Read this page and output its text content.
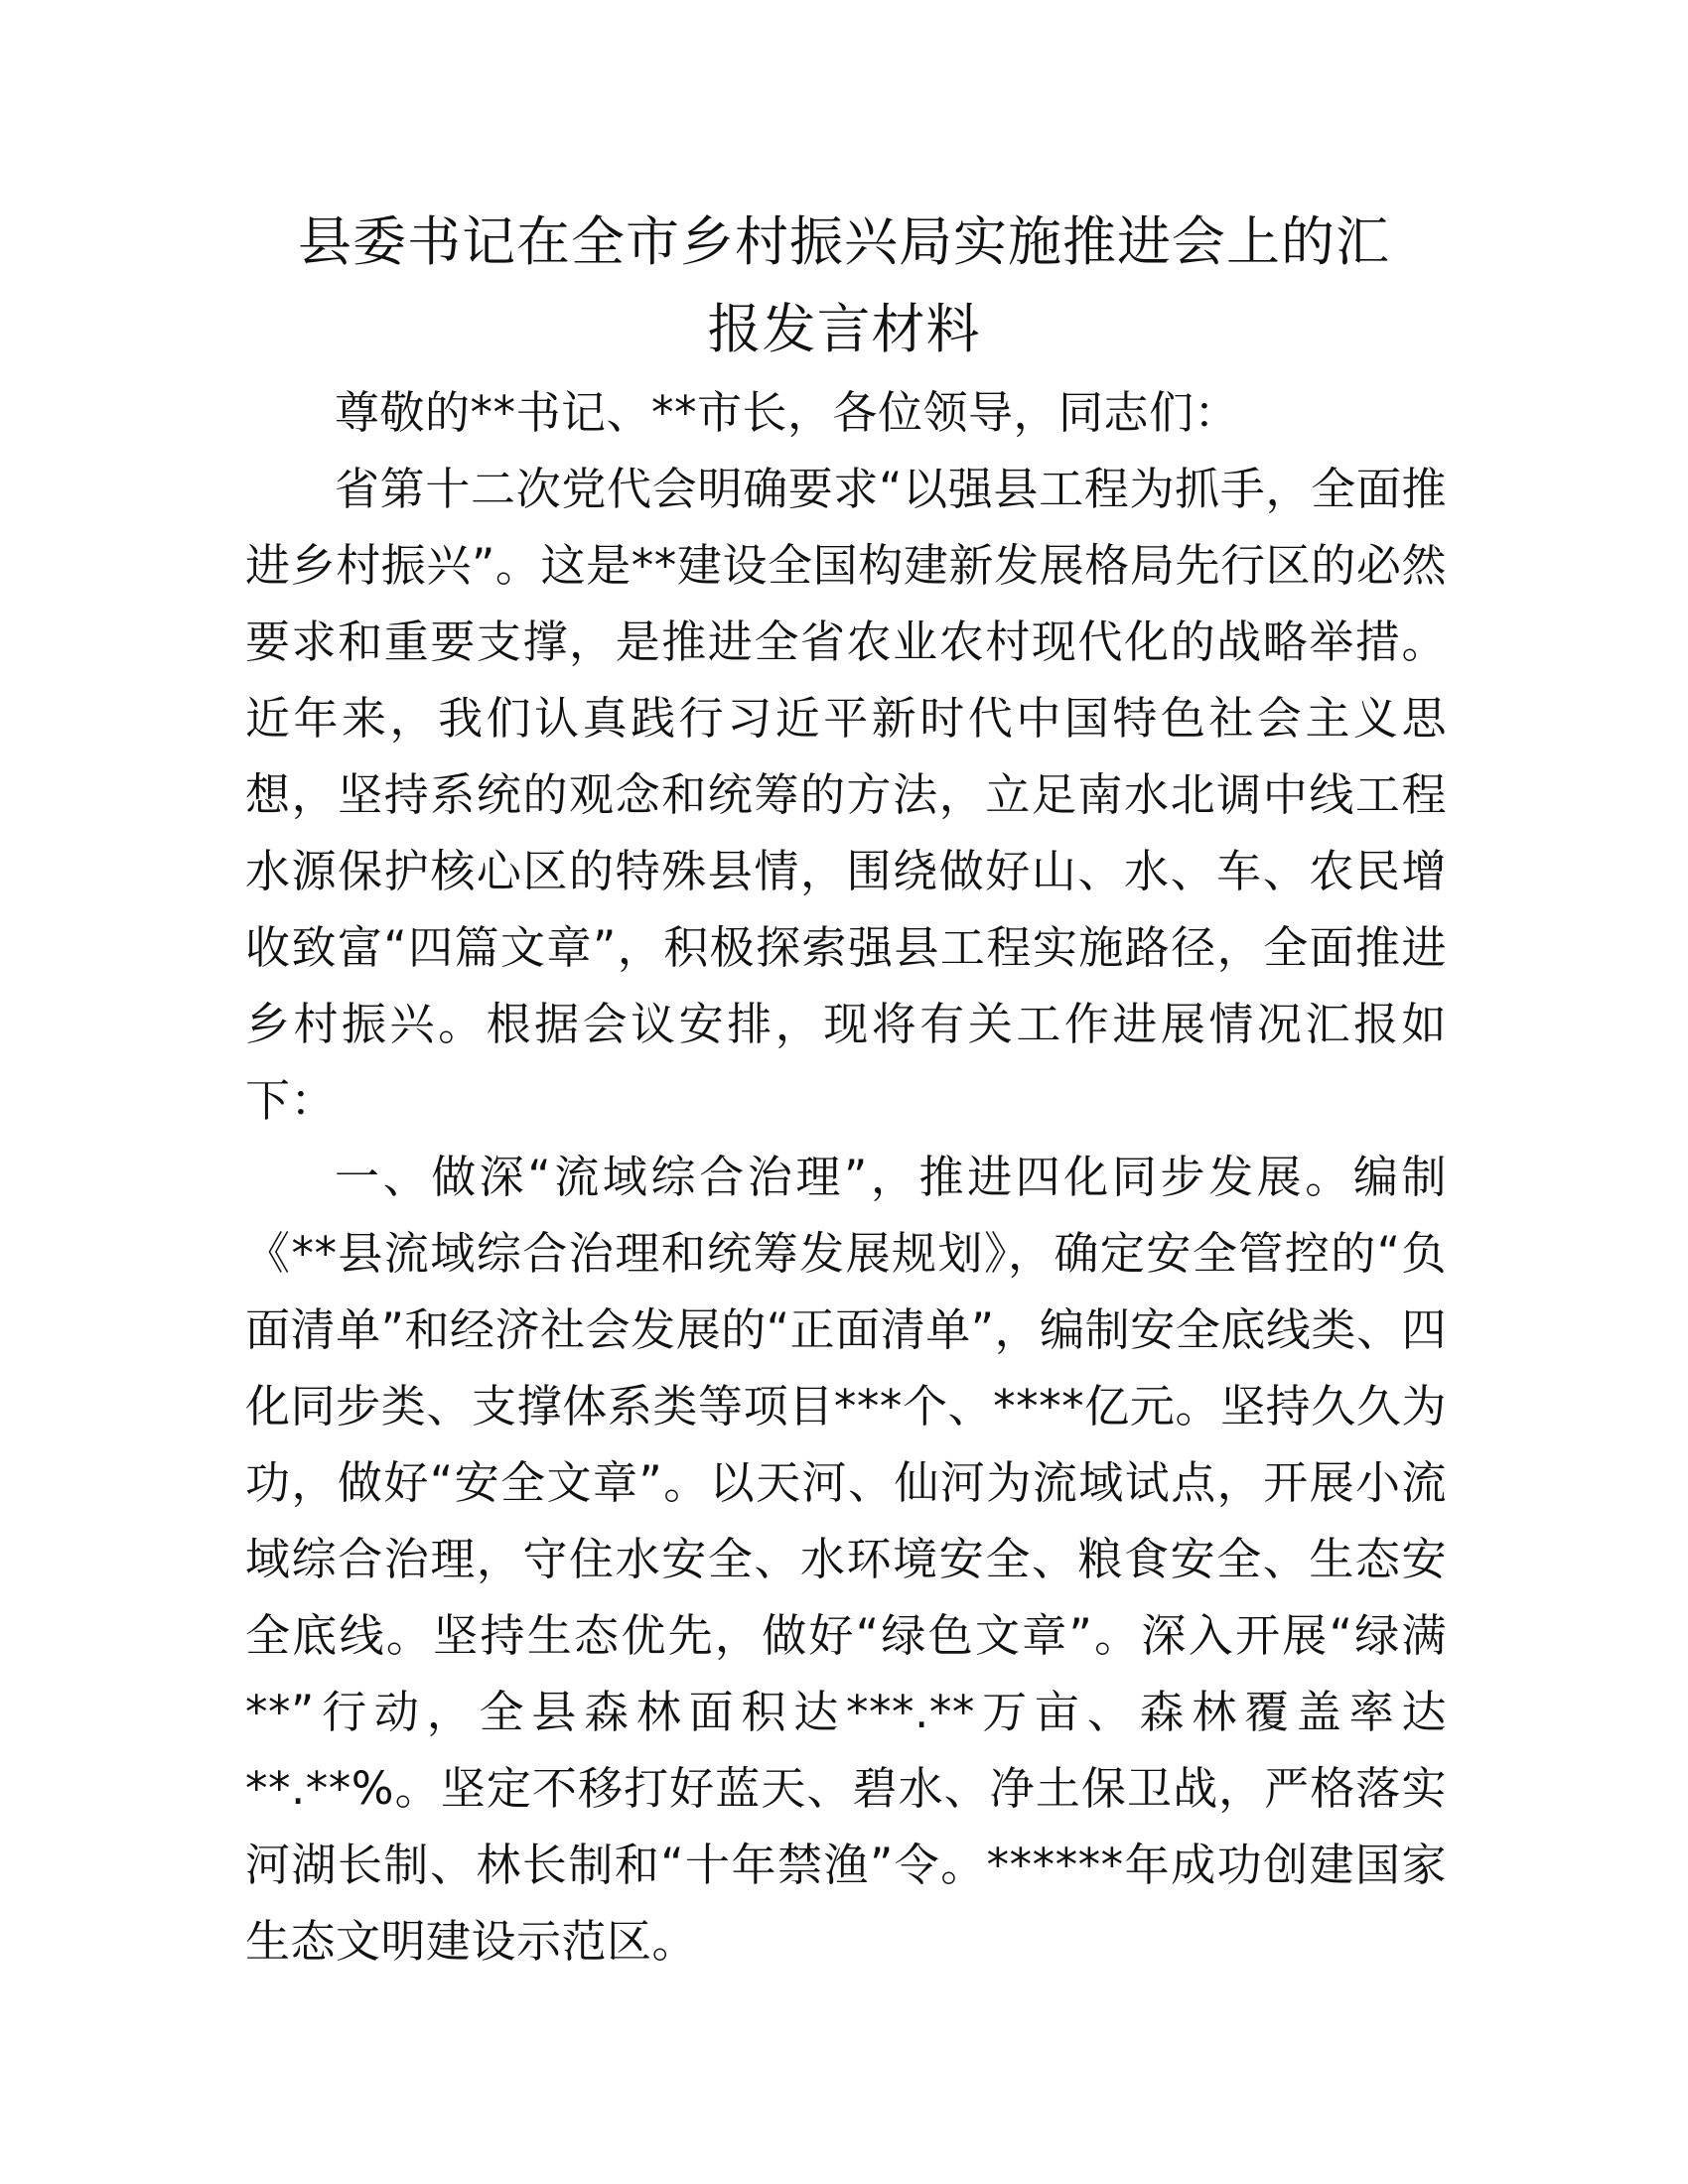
县委书记在全市乡村振兴局实施推进会上的汇
报发言材料

尊敬的**书记、**市长，各位领导，同志们：

省第十二次党代会明确要求“以强县工程为抓手，全面推进乡村振兴”。这是**建设全国构建新发展格局先行区的必然要求和重要支撑，是推进全省农业农村现代化的战略举措。近年来，我们认真践行习近平新时代中国特色社会主义思想，坚持系统的观念和统筹的方法，立足南水北调中线工程水源保护核心区的特殊县情，围绕做好山、水、车、农民增收致富“四篇文章”，积极探索强县工程实施路径，全面推进乡村振兴。根据会议安排，现将有关工作进展情况汇报如下：

一、做深“流域综合治理”，推进四化同步发展。编制《**县流域综合治理和统筹发展规划》，确定安全管控的“负面清单”和经济社会发展的“正面清单”，编制安全底线类、四化同步类、支撑体系类等项目***个、****亿元。坚持久久为功，做好“安全文章”。以天河、仙河为流域试点，开展小流域综合治理，守住水安全、水环境安全、粮食安全、生态安全底线。坚持生态优先，做好“绿色文章”。深入开展“绿满**”行动，全县森林面积达***.**万亩、森林覆盖率达**.**%。坚定不移打好蓝天、碧水、净土保卫战，严格落实河湖长制、林长制和“十年禁渔”令。******年成功创建国家生态文明建设示范区。
